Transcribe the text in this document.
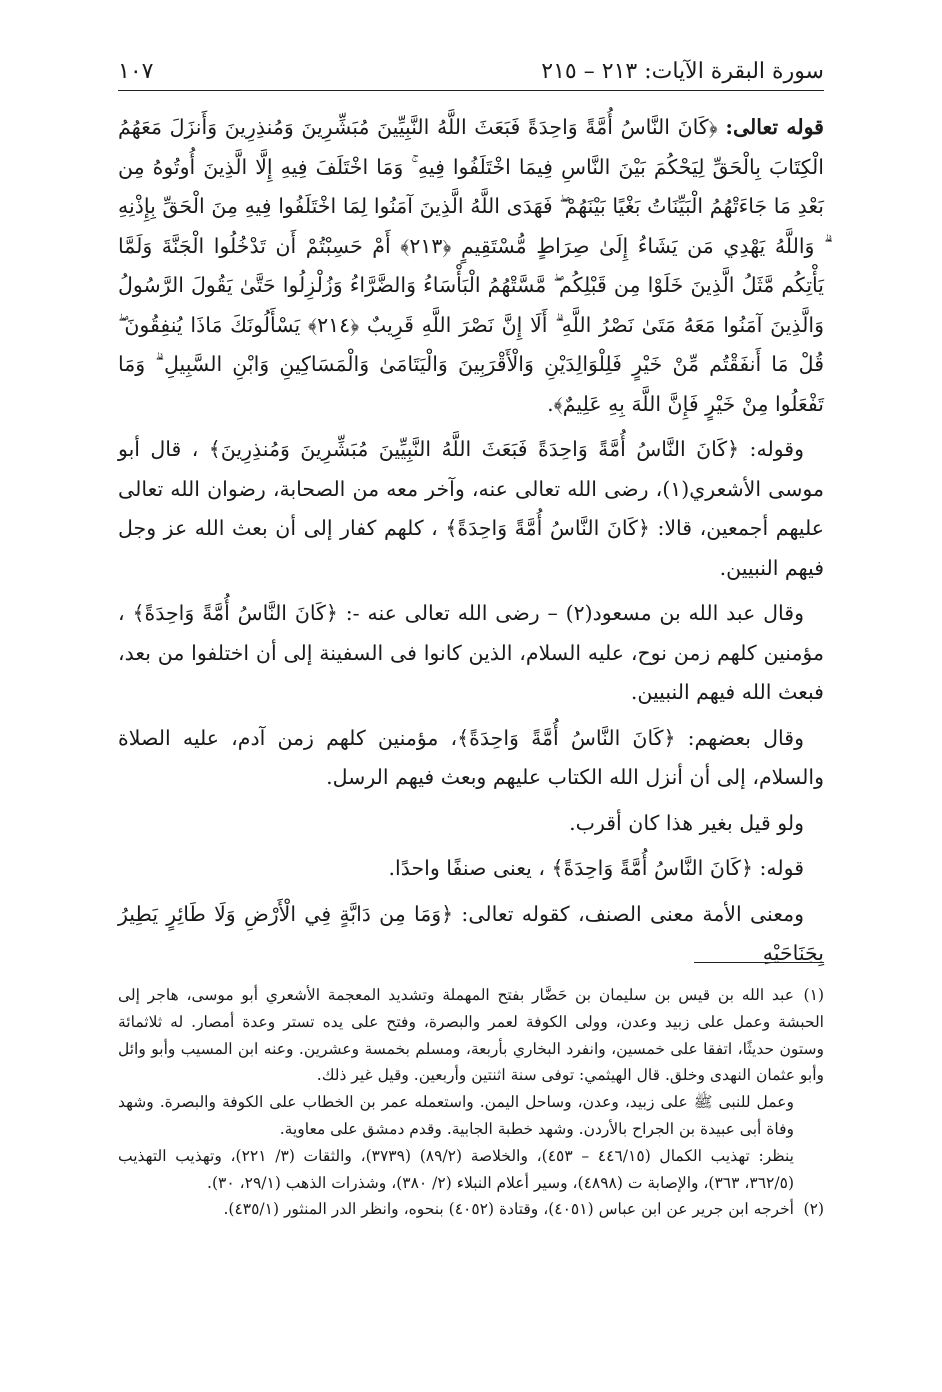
سورة البقرة الآيات: ٢١٣ – ٢١٥
١٠٧

قوله تعالى: ﴿كَانَ النَّاسُ أُمَّةً وَاحِدَةً فَبَعَثَ اللَّهُ النَّبِيِّينَ مُبَشِّرِينَ وَمُنذِرِينَ وَأَنزَلَ مَعَهُمُ الْكِتَابَ بِالْحَقِّ لِيَحْكُمَ بَيْنَ النَّاسِ فِيمَا اخْتَلَفُوا فِيهِ ۚ وَمَا اخْتَلَفَ فِيهِ إِلَّا الَّذِينَ أُوتُوهُ مِن بَعْدِ مَا جَاءَتْهُمُ الْبَيِّنَاتُ بَغْيًا بَيْنَهُمْ ۖ فَهَدَى اللَّهُ الَّذِينَ آمَنُوا لِمَا اخْتَلَفُوا فِيهِ مِنَ الْحَقِّ بِإِذْنِهِ ۗ وَاللَّهُ يَهْدِي مَن يَشَاءُ إِلَىٰ صِرَاطٍ مُّسْتَقِيمٍ ﴿٢١٣﴾ أَمْ حَسِبْتُمْ أَن تَدْخُلُوا الْجَنَّةَ وَلَمَّا يَأْتِكُم مَّثَلُ الَّذِينَ خَلَوْا مِن قَبْلِكُم ۖ مَّسَّتْهُمُ الْبَأْسَاءُ وَالضَّرَّاءُ وَزُلْزِلُوا حَتَّىٰ يَقُولَ الرَّسُولُ وَالَّذِينَ آمَنُوا مَعَهُ مَتَىٰ نَصْرُ اللَّهِ ۗ أَلَا إِنَّ نَصْرَ اللَّهِ قَرِيبٌ ﴿٢١٤﴾ يَسْأَلُونَكَ مَاذَا يُنفِقُونَ ۖ قُلْ مَا أَنفَقْتُم مِّنْ خَيْرٍ فَلِلْوَالِدَيْنِ وَالْأَقْرَبِينَ وَالْيَتَامَىٰ وَالْمَسَاكِينِ وَابْنِ السَّبِيلِ ۗ وَمَا تَفْعَلُوا مِنْ خَيْرٍ فَإِنَّ اللَّهَ بِهِ عَلِيمٌ﴾.

وقوله: ﴿كَانَ النَّاسُ أُمَّةً وَاحِدَةً فَبَعَثَ اللَّهُ النَّبِيِّينَ مُبَشِّرِينَ وَمُنذِرِينَ﴾ ، قال أبو موسى الأشعري(١)، رضى الله تعالى عنه، وآخر معه من الصحابة، رضوان الله تعالى عليهم أجمعين، قالا: ﴿كَانَ النَّاسُ أُمَّةً وَاحِدَةً﴾ ، كلهم كفار إلى أن بعث الله عز وجل فيهم النبيين.

وقال عبد الله بن مسعود(٢) – رضى الله تعالى عنه -: ﴿كَانَ النَّاسُ أُمَّةً وَاحِدَةً﴾ ، مؤمنين كلهم زمن نوح، عليه السلام، الذين كانوا فى السفينة إلى أن اختلفوا من بعد، فبعث الله فيهم النبيين.

وقال بعضهم: ﴿كَانَ النَّاسُ أُمَّةً وَاحِدَةً﴾، مؤمنين كلهم زمن آدم، عليه الصلاة والسلام، إلى أن أنزل الله الكتاب عليهم وبعث فيهم الرسل.

ولو قيل بغير هذا كان أقرب.

قوله: ﴿كَانَ النَّاسُ أُمَّةً وَاحِدَةً﴾ ، يعنى صنفًا واحدًا.

ومعنى الأمة معنى الصنف، كقوله تعالى: ﴿وَمَا مِن دَابَّةٍ فِي الْأَرْضِ وَلَا طَائِرٍ يَطِيرُ بِجَنَاحَيْهِ

(١)عبد الله بن قيس بن سليمان بن حَضَّار بفتح المهملة وتشديد المعجمة الأشعري أبو موسى، هاجر إلى الحبشة وعمل على زبيد وعدن، وولى الكوفة لعمر والبصرة، وفتح على يده تستر وعدة أمصار. له ثلاثمائة وستون حديثًا، اتفقا على خمسين، وانفرد البخاري بأربعة، ومسلم بخمسة وعشرين. وعنه ابن المسيب وأبو وائل وأبو عثمان النهدى وخلق. قال الهيثمي: توفى سنة اثنتين وأربعين. وقيل غير ذلك.

وعمل للنبى ﷺ على زبيد، وعدن، وساحل اليمن. واستعمله عمر بن الخطاب على الكوفة والبصرة. وشهد وفاة أبى عبيدة بن الجراح بالأردن. وشهد خطبة الجابية. وقدم دمشق على معاوية.

ينظر: تهذيب الكمال (٤٤٦/١٥ – ٤٥٣)، والخلاصة (٨٩/٢) (٣٧٣٩)، والثقات (٣/ ٢٢١)، وتهذيب التهذيب (٣٦٢/٥، ٣٦٣)، والإصابة ت (٤٨٩٨)، وسير أعلام النبلاء (٢/ ٣٨٠)، وشذرات الذهب (٢٩/١، ٣٠).

(٢)أخرجه ابن جرير عن ابن عباس (٤٠٥١)، وقتادة (٤٠٥٢) بنحوه، وانظر الدر المنثور (٤٣٥/١).
